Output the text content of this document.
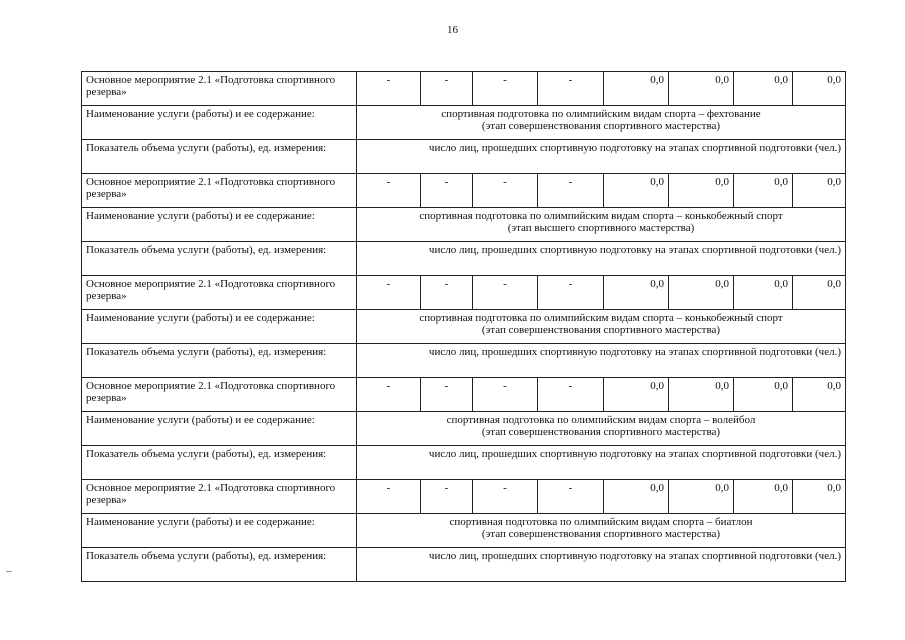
16
Основное мероприятие 2.1 «Подготовка спортивного резерва»	-	-	-	-	0,0	0,0	0,0	0,0
Наименование услуги (работы) и ее содержание:	спортивная подготовка по олимпийским видам спорта – фехтование
(этап совершенствования спортивного мастерства)							

Показатель объема услуги (работы), ед. измерения:	число лиц, прошедших спортивную подготовку на этапах спортивной подготовки (чел.)							
Основное мероприятие 2.1 «Подготовка спортивного резерва»	-	-	-	-	0,0	0,0	0,0	0,0
Наименование услуги (работы) и ее содержание:	спортивная подготовка по олимпийским видам спорта – конькобежный спорт
(этап высшего спортивного мастерства)							

Показатель объема услуги (работы), ед. измерения:	число лиц, прошедших спортивную подготовку на этапах спортивной подготовки (чел.)							
Основное мероприятие 2.1 «Подготовка спортивного резерва»	-	-	-	-	0,0	0,0	0,0	0,0
Наименование услуги (работы) и ее содержание:	спортивная подготовка по олимпийским видам спорта – конькобежный спорт
(этап совершенствования спортивного мастерства)							

Показатель объема услуги (работы), ед. измерения:	число лиц, прошедших спортивную подготовку на этапах спортивной подготовки (чел.)							
Основное мероприятие 2.1 «Подготовка спортивного резерва»	-	-	-	-	0,0	0,0	0,0	0,0
Наименование услуги (работы) и ее содержание:	спортивная подготовка по олимпийским видам спорта – волейбол
(этап совершенствования спортивного мастерства)							

Показатель объема услуги (работы), ед. измерения:	число лиц, прошедших спортивную подготовку на этапах спортивной подготовки (чел.)							
Основное мероприятие 2.1 «Подготовка спортивного резерва»	-	-	-	-	0,0	0,0	0,0	0,0
Наименование услуги (работы) и ее содержание:	спортивная подготовка по олимпийским видам спорта – биатлон
(этап совершенствования спортивного мастерства)							

Показатель объема услуги (работы), ед. измерения:	число лиц, прошедших спортивную подготовку на этапах спортивной подготовки (чел.)							
